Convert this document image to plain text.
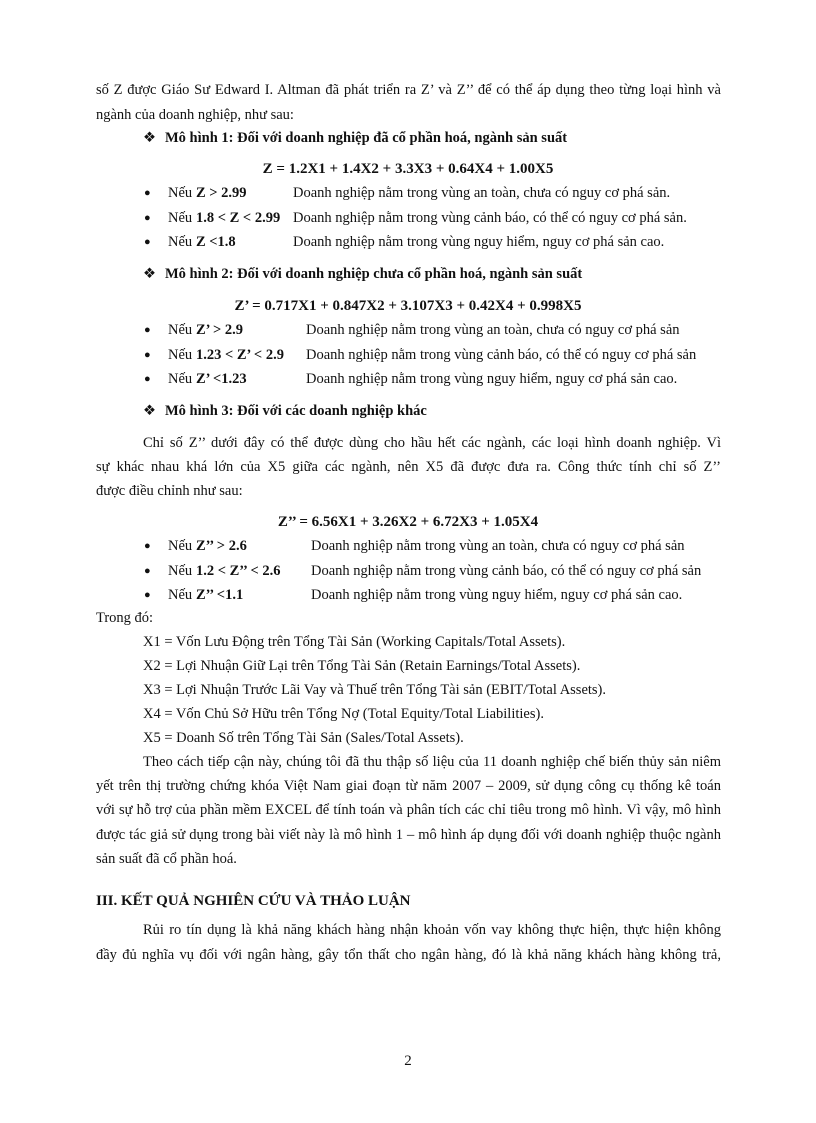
số Z được Giáo Sư Edward I. Altman đã phát triển ra Z’ và Z’’ để có thể áp dụng theo từng loại hình và
ngành của doanh nghiệp, như sau:
❖ Mô hình 1: Đối với doanh nghiệp đã cổ phần hoá, ngành sản suất
Z = 1.2X1 + 1.4X2 + 3.3X3 + 0.64X4 + 1.00X5
● Nếu Z > 2.99	Doanh nghiệp nằm trong vùng an toàn, chưa có nguy cơ phá sản.
● Nếu 1.8 < Z < 2.99 Doanh nghiệp nằm trong vùng cảnh báo, có thể có nguy cơ phá sản.
● Nếu Z <1.8	Doanh nghiệp nằm trong vùng nguy hiểm, nguy cơ phá sản cao.
❖ Mô hình 2: Đối với doanh nghiệp chưa cổ phần hoá, ngành sản suất
Z’ = 0.717X1 + 0.847X2 + 3.107X3 + 0.42X4 + 0.998X5
● Nếu Z’ > 2.9	Doanh nghiệp nằm trong vùng an toàn, chưa có nguy cơ phá sản
● Nếu 1.23 < Z’ < 2.9 Doanh nghiệp nằm trong vùng cảnh báo, có thể có nguy cơ phá sản
● Nếu Z’ <1.23	Doanh nghiệp nằm trong vùng nguy hiểm, nguy cơ phá sản cao.
❖ Mô hình 3: Đối với các doanh nghiệp khác
Chỉ số Z’’ dưới đây có thể được dùng cho hầu hết các ngành, các loại hình doanh nghiệp. Vì
sự khác nhau khá lớn của X5 giữa các ngành, nên X5 đã được đưa ra. Công thức tính chỉ số Z’’
được điều chỉnh như sau:
Z’’ = 6.56X1 + 3.26X2 + 6.72X3 + 1.05X4
● Nếu Z’’ > 2.6	Doanh nghiệp nằm trong vùng an toàn, chưa có nguy cơ phá sản
● Nếu 1.2 < Z’’ < 2.6 Doanh nghiệp nằm trong vùng cảnh báo, có thể có nguy cơ phá sản
● Nếu Z’’ <1.1	Doanh nghiệp nằm trong vùng nguy hiểm, nguy cơ phá sản cao.
Trong đó:
X1 = Vốn Lưu Động trên Tổng Tài Sản (Working Capitals/Total Assets).
X2 = Lợi Nhuận Giữ Lại trên Tổng Tài Sản (Retain Earnings/Total Assets).
X3 = Lợi Nhuận Trước Lãi Vay và Thuế trên Tổng Tài sản (EBIT/Total Assets).
X4 = Vốn Chủ Sở Hữu trên Tổng Nợ (Total Equity/Total Liabilities).
X5 = Doanh Số trên Tổng Tài Sản (Sales/Total Assets).
Theo cách tiếp cận này, chúng tôi đã thu thập số liệu của 11 doanh nghiệp chế biến thủy sản niêm
yết trên thị trường chứng khóa Việt Nam giai đoạn từ năm 2007 – 2009, sử dụng công cụ thống kê toán
với sự hỗ trợ của phần mềm EXCEL để tính toán và phân tích các chỉ tiêu trong mô hình. Vì vậy, mô hình
được tác giả sử dụng trong bài viết này là mô hình 1 – mô hình áp dụng đối với doanh nghiệp thuộc ngành
sản suất đã cổ phần hoá.
III. KẾT QUẢ NGHIÊN CỨU VÀ THẢO LUẬN
Rủi ro tín dụng là khả năng khách hàng nhận khoản vốn vay không thực hiện, thực hiện không
đầy đủ nghĩa vụ đối với ngân hàng, gây tổn thất cho ngân hàng, đó là khả năng khách hàng không trả,
2
